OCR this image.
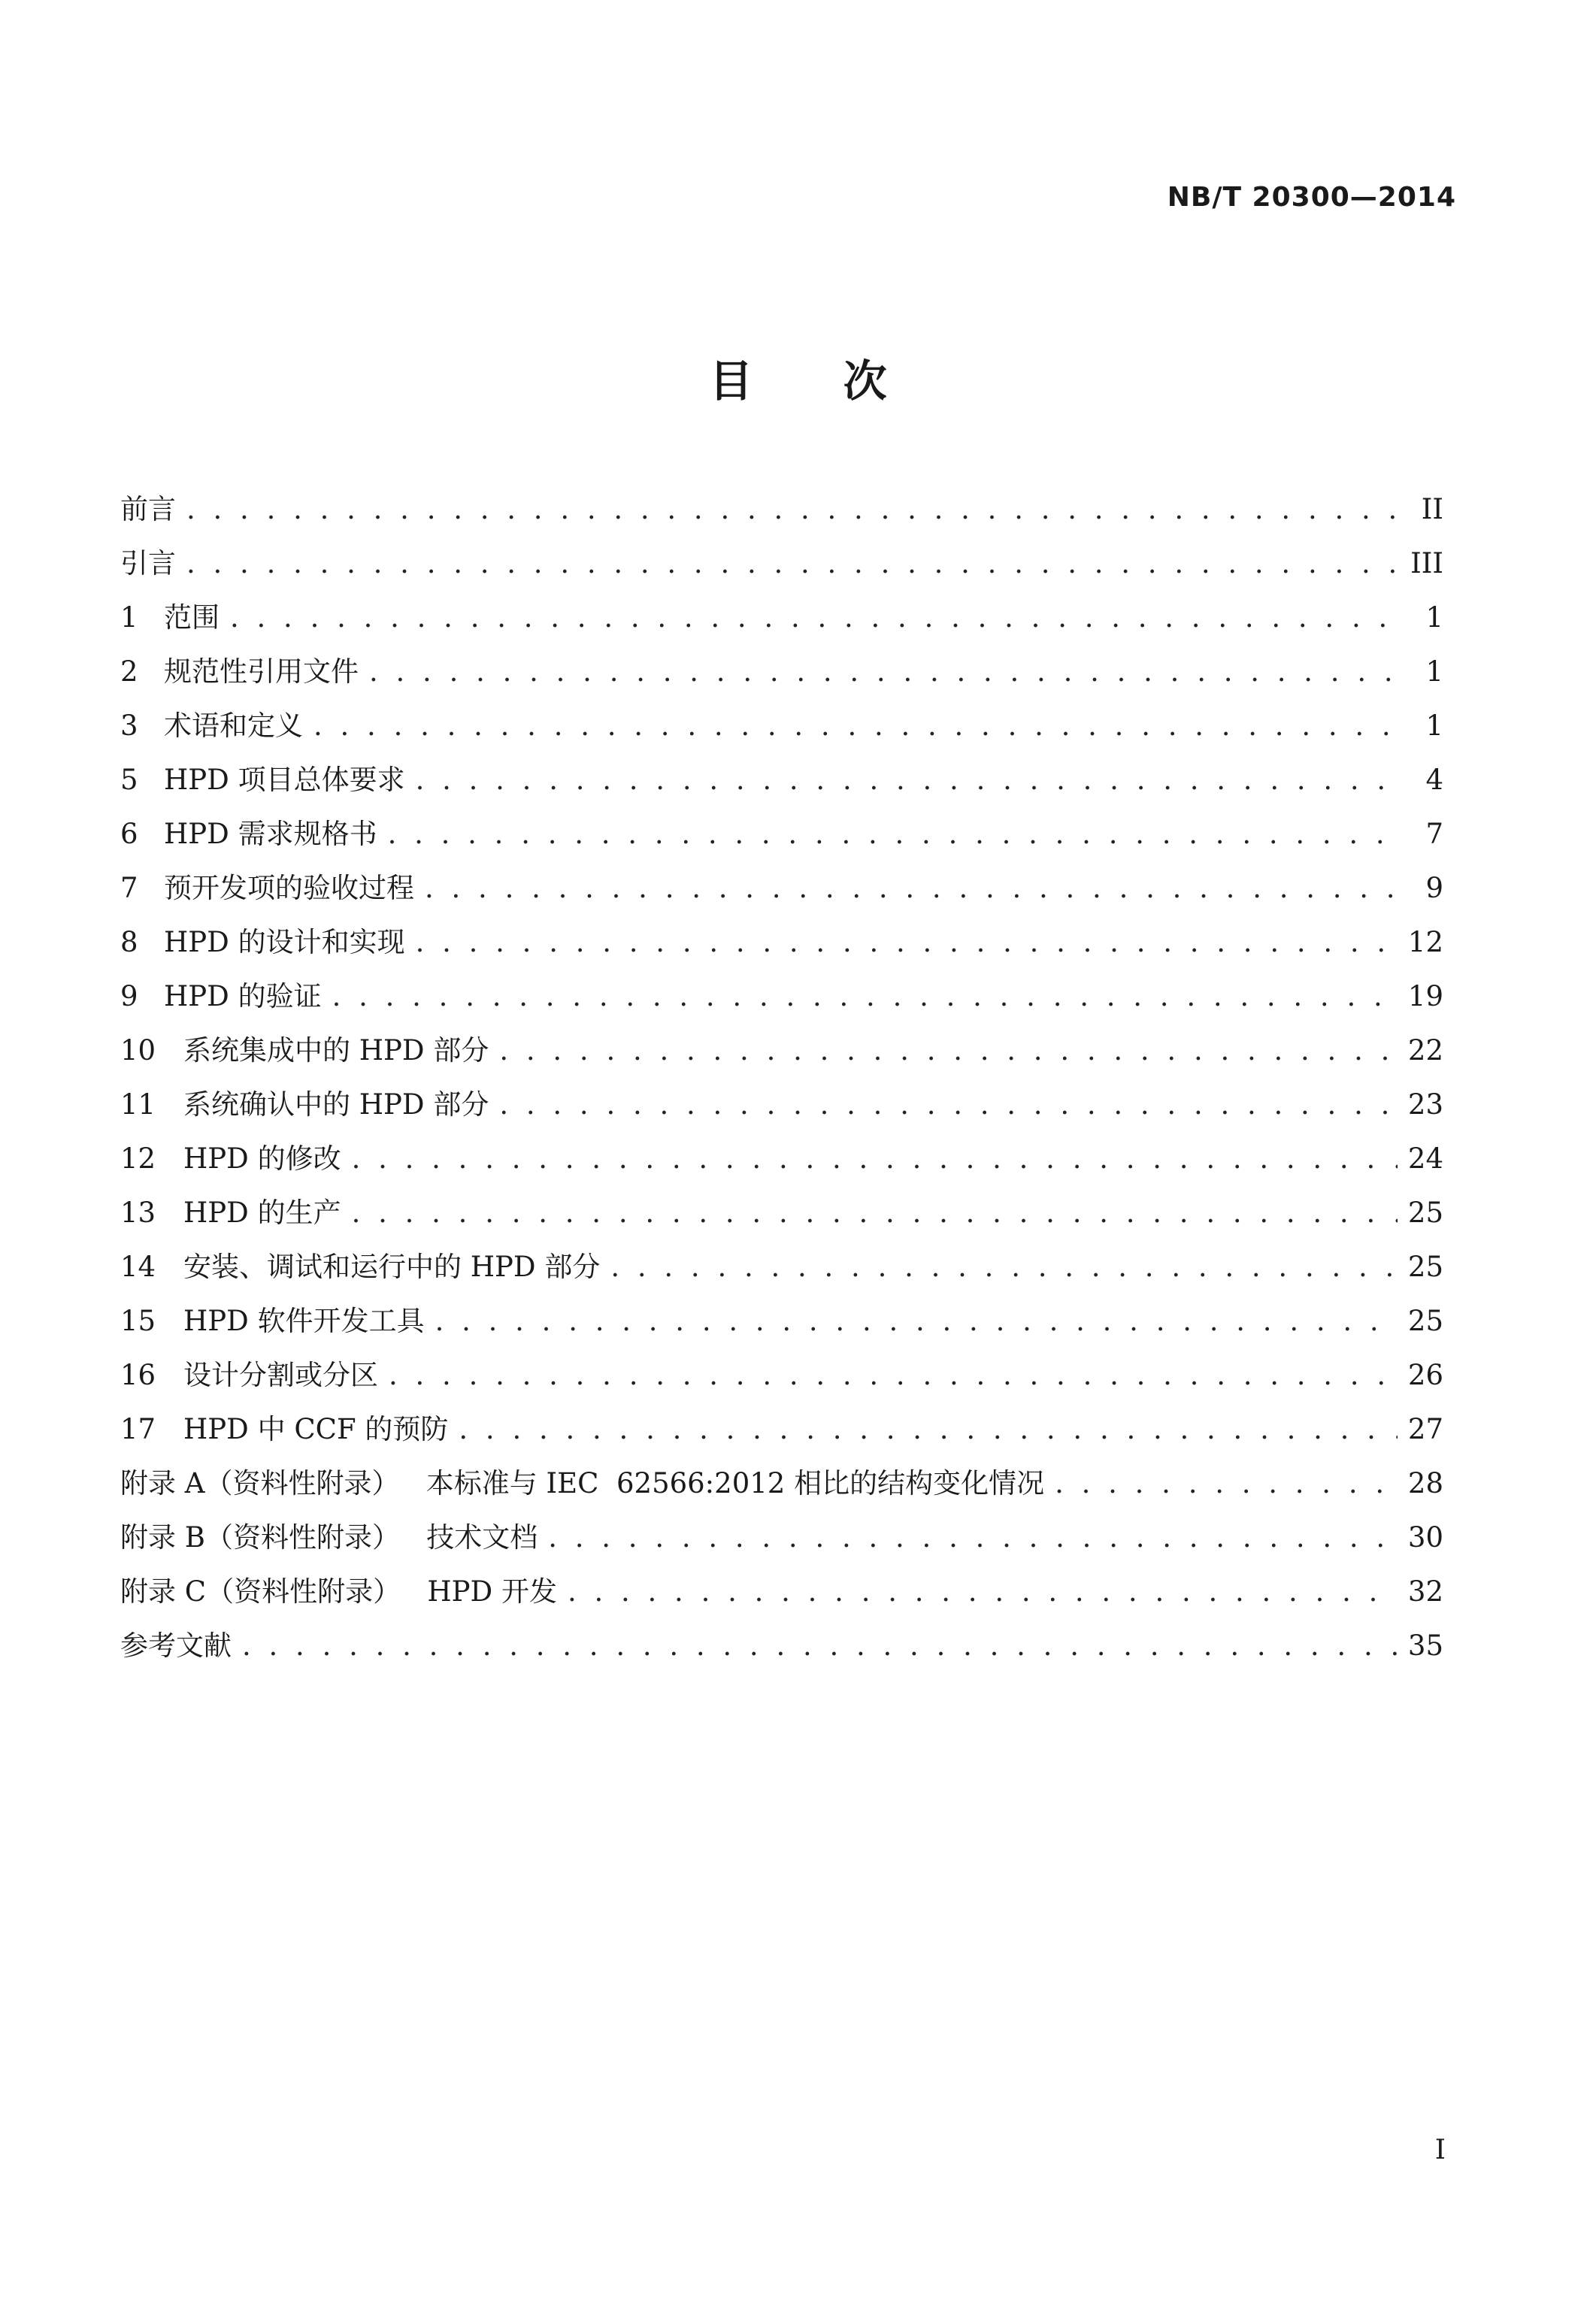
NB/T 20300—2014
目 次
前言 . . .	II
引言 . . .	III
1 范围 . . .	1
2 规范性引用文件 . . .	1
3 术语和定义 . . .	1
5 HPD 项目总体要求 . . .	4
6 HPD 需求规格书 . . .	7
7 预开发项的验收过程 . . .	9
8 HPD 的设计和实现 . . .	12
9 HPD 的验证 . . .	19
10 系统集成中的 HPD 部分 . . .	22
11 系统确认中的 HPD 部分 . . .	23
12 HPD 的修改 . . .	24
13 HPD 的生产 . . .	25
14 安装、调试和运行中的 HPD 部分 . . .	25
15 HPD 软件开发工具 . . .	25
16 设计分割或分区 . . .	26
17 HPD 中 CCF 的预防 . . .	27
附录 A（资料性附录）   本标准与 IEC  62566:2012 相比的结构变化情况 . . .	28
附录 B（资料性附录）   技术文档 . . .	30
附录 C（资料性附录）   HPD 开发 . . .	32
参考文献 . . .	35
I
